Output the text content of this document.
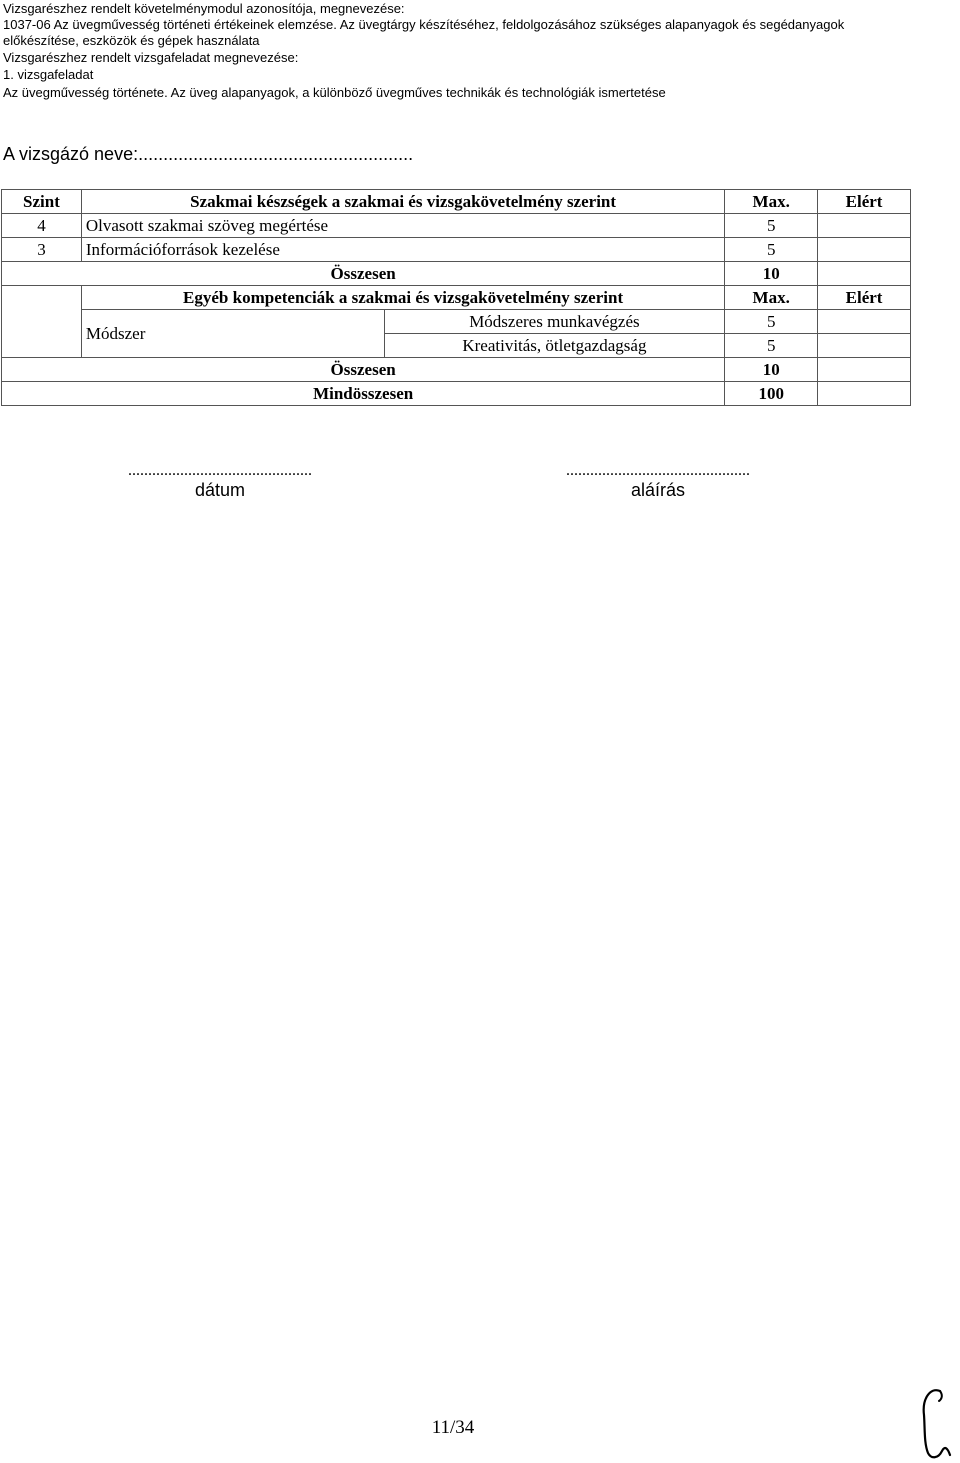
Vizsgarészhez rendelt követelménymodul azonosítója, megnevezése:
1037-06 Az üvegművesség történeti értékeinek elemzése. Az üvegtárgy készítéséhez, feldolgozásához szükséges alapanyagok és segédanyagok
előkészítése, eszközök és gépek használata
Vizsgarészhez rendelt vizsgafeladat megnevezése:
1. vizsgafeladat
Az üvegművesség története. Az üveg alapanyagok, a különböző üvegműves technikák és technológiák ismertetése
A vizsgázó neve:.......................................................
Szint	Szakmai készségek a szakmai és vizsgakövetelmény szerint		Max.	Elért
4	Olvasott szakmai szöveg megértése		5	
3	Információforrások kezelése		5	
Összesen			10	
	Egyéb kompetenciák a szakmai és vizsgakövetelmény szerint		Max.	Elért
	Módszer	Módszeres munkavégzés	5	
		Kreativitás, ötletgazdagság	5	
Összesen			10	
Mindösszesen			100	
..............................................
dátum
..............................................
aláírás
11/34
